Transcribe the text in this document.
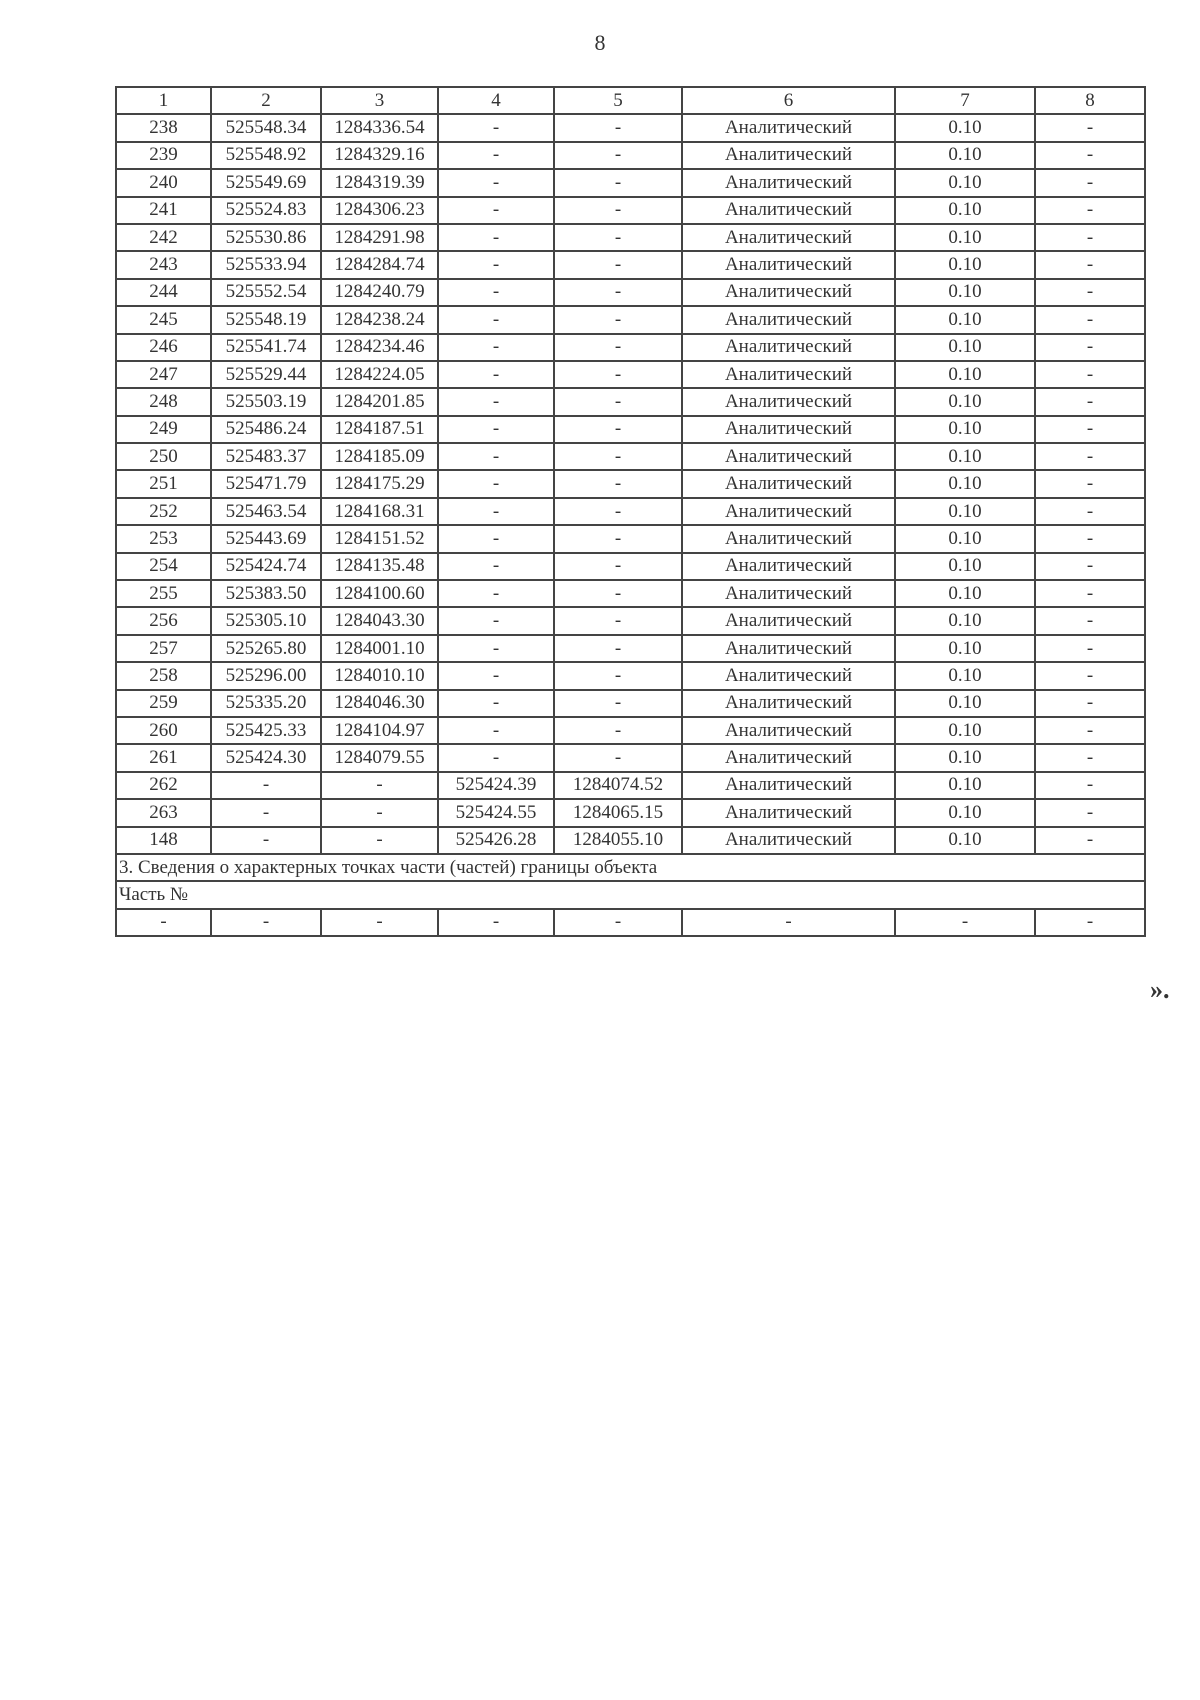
8
1	2	3	4	5	6	7	8
238	525548.34	1284336.54	-	-	Аналитический	0.10	-
239	525548.92	1284329.16	-	-	Аналитический	0.10	-
240	525549.69	1284319.39	-	-	Аналитический	0.10	-
241	525524.83	1284306.23	-	-	Аналитический	0.10	-
242	525530.86	1284291.98	-	-	Аналитический	0.10	-
243	525533.94	1284284.74	-	-	Аналитический	0.10	-
244	525552.54	1284240.79	-	-	Аналитический	0.10	-
245	525548.19	1284238.24	-	-	Аналитический	0.10	-
246	525541.74	1284234.46	-	-	Аналитический	0.10	-
247	525529.44	1284224.05	-	-	Аналитический	0.10	-
248	525503.19	1284201.85	-	-	Аналитический	0.10	-
249	525486.24	1284187.51	-	-	Аналитический	0.10	-
250	525483.37	1284185.09	-	-	Аналитический	0.10	-
251	525471.79	1284175.29	-	-	Аналитический	0.10	-
252	525463.54	1284168.31	-	-	Аналитический	0.10	-
253	525443.69	1284151.52	-	-	Аналитический	0.10	-
254	525424.74	1284135.48	-	-	Аналитический	0.10	-
255	525383.50	1284100.60	-	-	Аналитический	0.10	-
256	525305.10	1284043.30	-	-	Аналитический	0.10	-
257	525265.80	1284001.10	-	-	Аналитический	0.10	-
258	525296.00	1284010.10	-	-	Аналитический	0.10	-
259	525335.20	1284046.30	-	-	Аналитический	0.10	-
260	525425.33	1284104.97	-	-	Аналитический	0.10	-
261	525424.30	1284079.55	-	-	Аналитический	0.10	-
262	-	-	525424.39	1284074.52	Аналитический	0.10	-
263	-	-	525424.55	1284065.15	Аналитический	0.10	-
148	-	-	525426.28	1284055.10	Аналитический	0.10	-
3. Сведения о характерных точках части (частей) границы объекта							
Часть №							
-	-	-	-	-	-	-	-
».
